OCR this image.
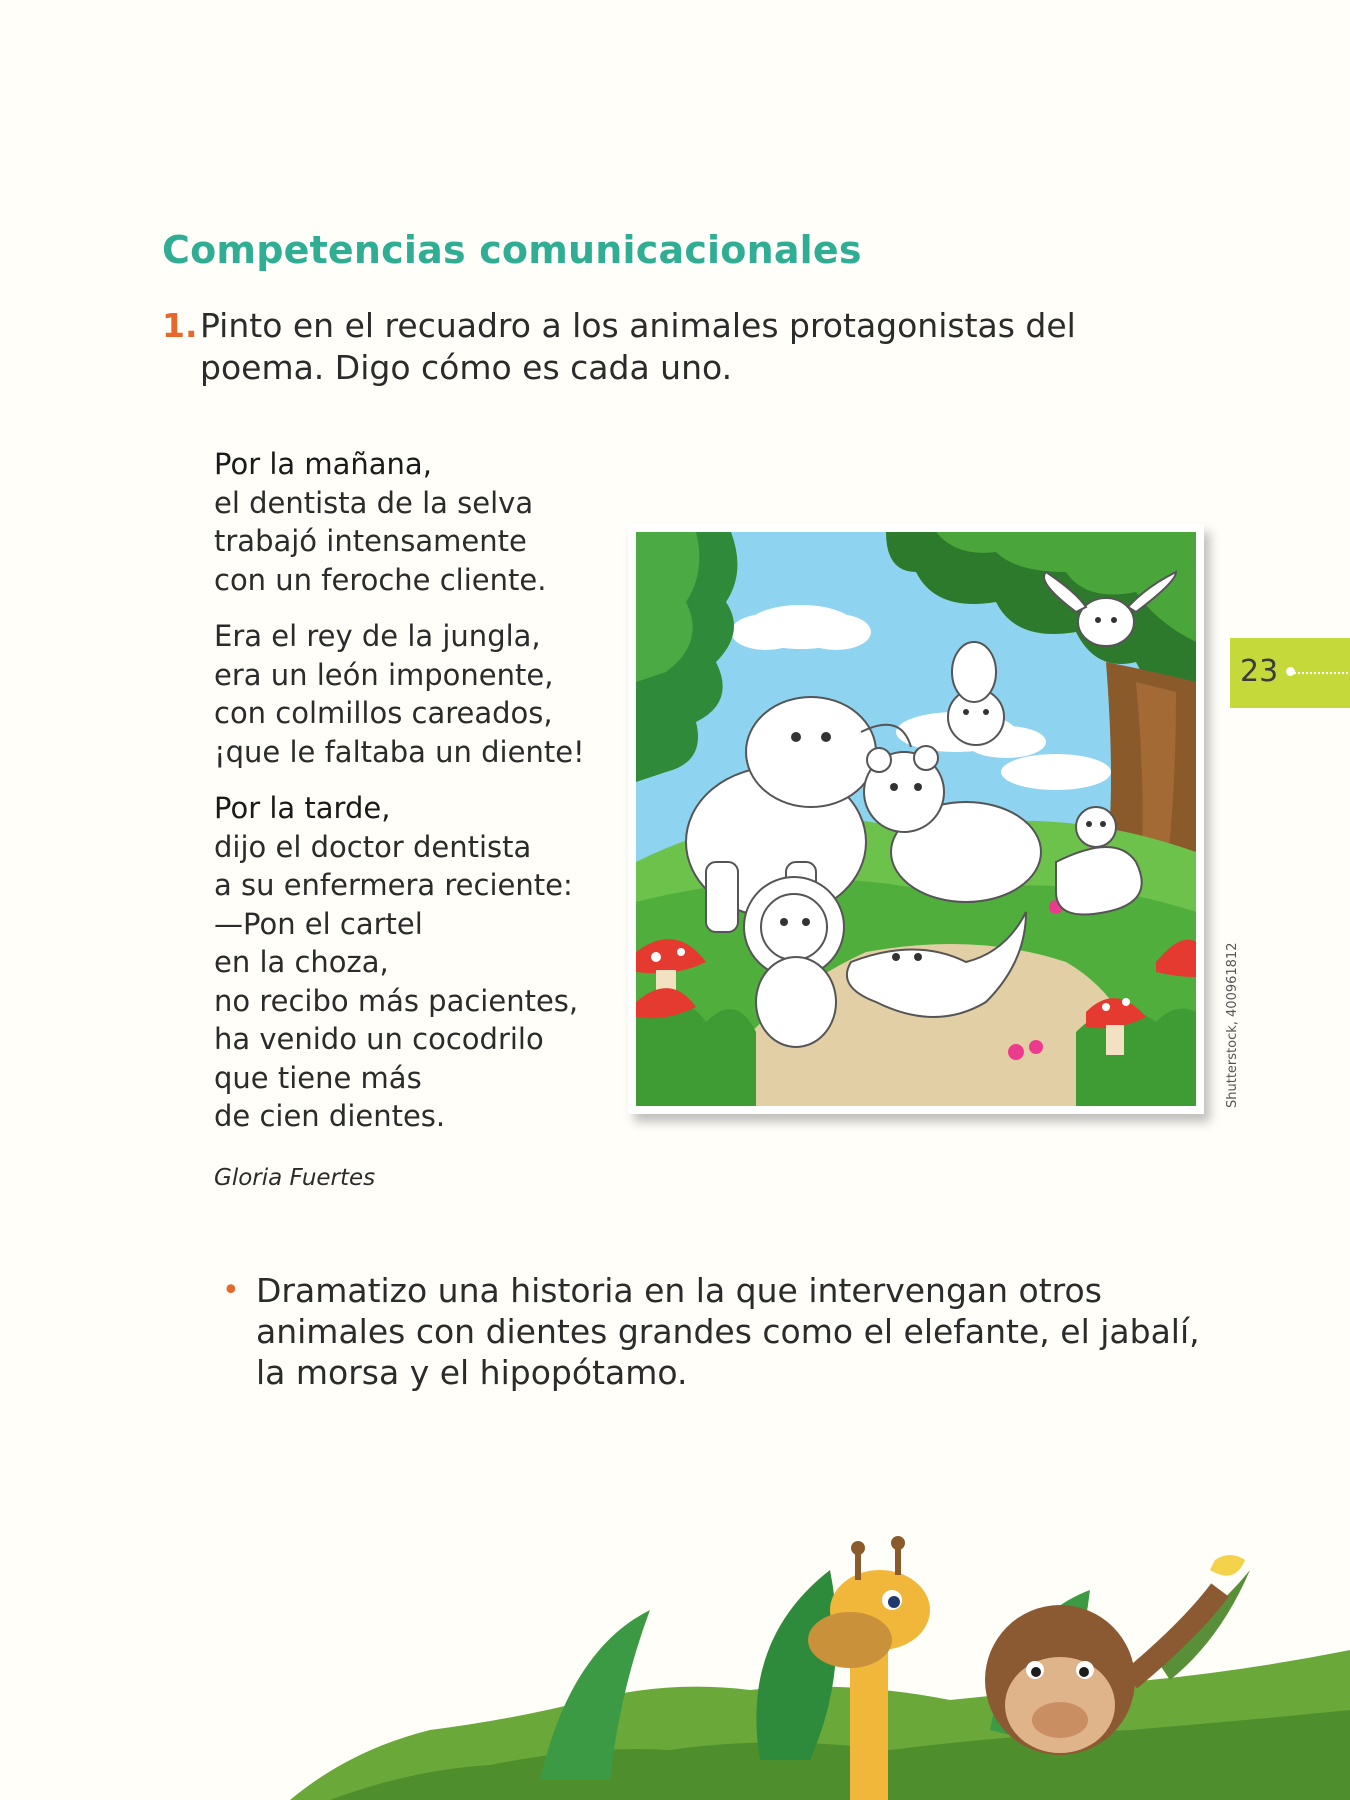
Competencias comunicacionales
1. Pinto en el recuadro a los animales protagonistas del
poema. Digo cómo es cada uno.
Por la mañana,
el dentista de la selva
trabajó intensamente
con un feroche cliente.
Era el rey de la jungla,
era un león imponente,
con colmillos careados,
¡que le faltaba un diente!
Por la tarde,
dijo el doctor dentista
a su enfermera reciente:
—Pon el cartel
en la choza,
no recibo más pacientes,
ha venido un cocodrilo
que tiene más
de cien dientes.
Gloria Fuertes
Shutterstock, 400961812
23
• Dramatizo una historia en la que intervengan otros
animales con dientes grandes como el elefante, el jabalí,
la morsa y el hipopótamo.
